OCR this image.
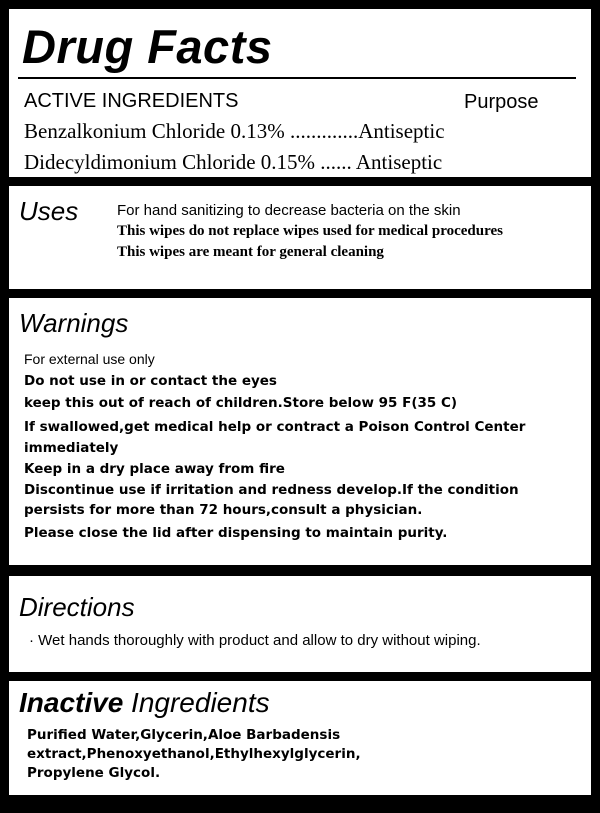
Drug Facts
ACTIVE INGREDIENTS	Purpose
Benzalkonium Chloride 0.13% .............Antiseptic
Didecyldimonium Chloride 0.15% ...... Antiseptic
Uses	For hand sanitizing to decrease bacteria on the skin
This wipes do not replace wipes used for medical procedures
This wipes are meant for general cleaning
Warnings
For external use only
Do not use in or contact the eyes
keep this out of reach of children.Store below 95 F(35 C)
If swallowed,get medical help or contract a Poison Control Center
immediately
Keep in a dry place away from fire
Discontinue use if irritation and redness develop.If the condition
persists for more than 72 hours,consult a physician.
Please close the lid after dispensing to maintain purity.
Directions
· Wet hands thoroughly with product and allow to dry without wiping.
Inactive Ingredients
Purified Water,Glycerin,Aloe Barbadensis
extract,Phenoxyethanol,Ethylhexylglycerin,
Propylene Glycol.
